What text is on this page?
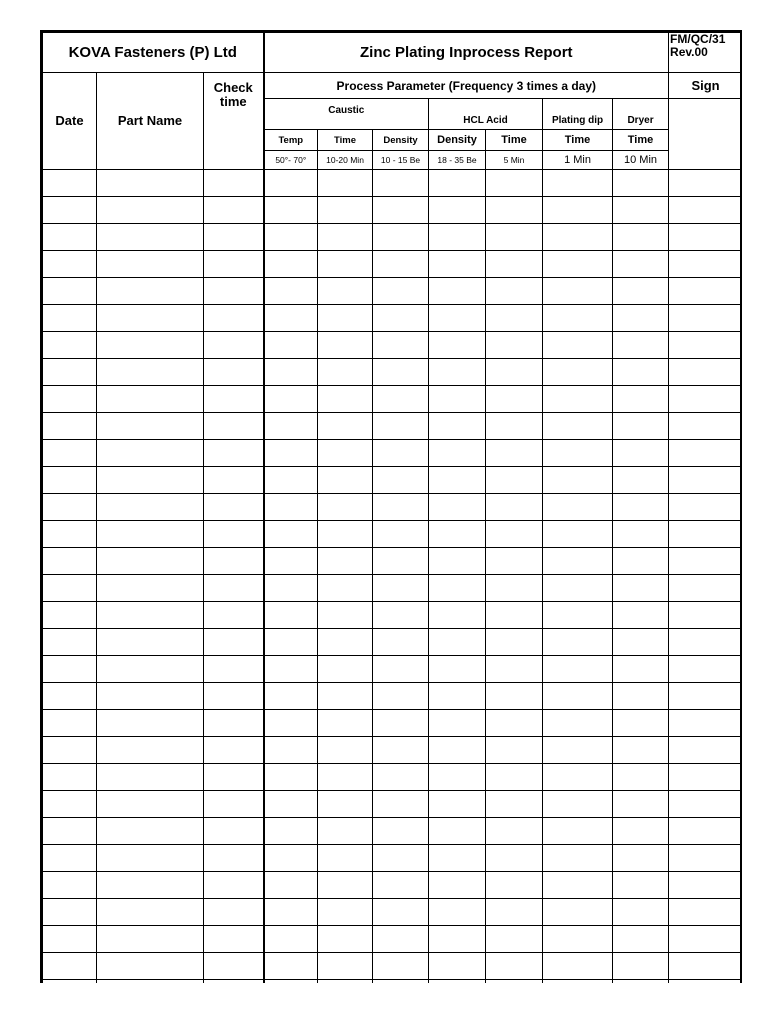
KOVA Fasteners (P) Ltd			Zinc Plating Inprocess Report							FM/QC/31
Rev.00
Date	Part Name	Check time	Process Parameter (Frequency 3 times a day)							Sign
			Caustic			HCL Acid		Plating dip	Dryer	
			Temp	Time	Density	Density	Time	Time	Time	
			50°- 70°	10-20 Min	10 - 15 Be	18 - 35 Be	5 Min	1 Min	10 Min	
